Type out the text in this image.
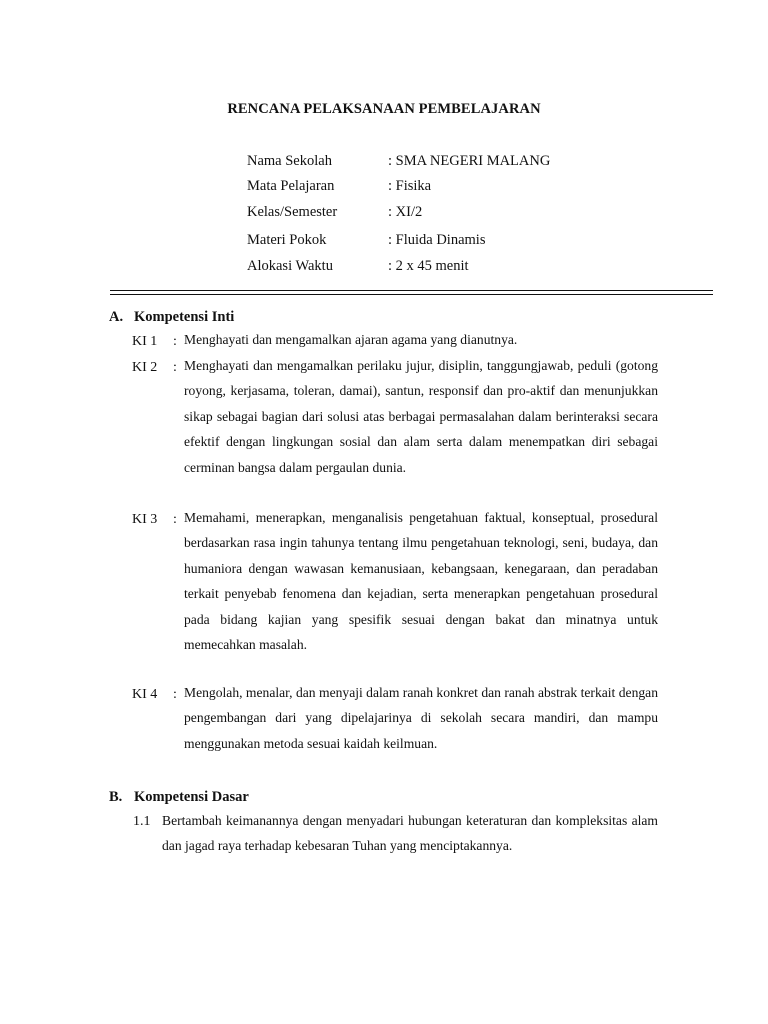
RENCANA PELAKSANAAN PEMBELAJARAN
Nama Sekolah	: SMA NEGERI MALANG
Mata Pelajaran	: Fisika
Kelas/Semester	: XI/2
Materi Pokok	: Fluida Dinamis
Alokasi Waktu	: 2 x 45 menit
A. Kompetensi Inti
KI 1 : Menghayati dan mengamalkan ajaran agama yang dianutnya.
KI 2 : Menghayati dan mengamalkan perilaku jujur, disiplin, tanggungjawab, peduli (gotong royong, kerjasama, toleran, damai), santun, responsif dan pro-aktif dan menunjukkan sikap sebagai bagian dari solusi atas berbagai permasalahan dalam berinteraksi secara efektif dengan lingkungan sosial dan alam serta dalam menempatkan diri sebagai cerminan bangsa dalam pergaulan dunia.
KI 3 : Memahami, menerapkan, menganalisis pengetahuan faktual, konseptual, prosedural berdasarkan rasa ingin tahunya tentang ilmu pengetahuan teknologi, seni, budaya, dan humaniora dengan wawasan kemanusiaan, kebangsaan, kenegaraan, dan peradaban terkait penyebab fenomena dan kejadian, serta menerapkan pengetahuan prosedural pada bidang kajian yang spesifik sesuai dengan bakat dan minatnya untuk memecahkan masalah.
KI 4 : Mengolah, menalar, dan menyaji dalam ranah konkret dan ranah abstrak terkait dengan pengembangan dari yang dipelajarinya di sekolah secara mandiri, dan mampu menggunakan metoda sesuai kaidah keilmuan.
B. Kompetensi Dasar
1.1 Bertambah keimanannya dengan menyadari hubungan keteraturan dan kompleksitas alam dan jagad raya terhadap kebesaran Tuhan yang menciptakannya.
